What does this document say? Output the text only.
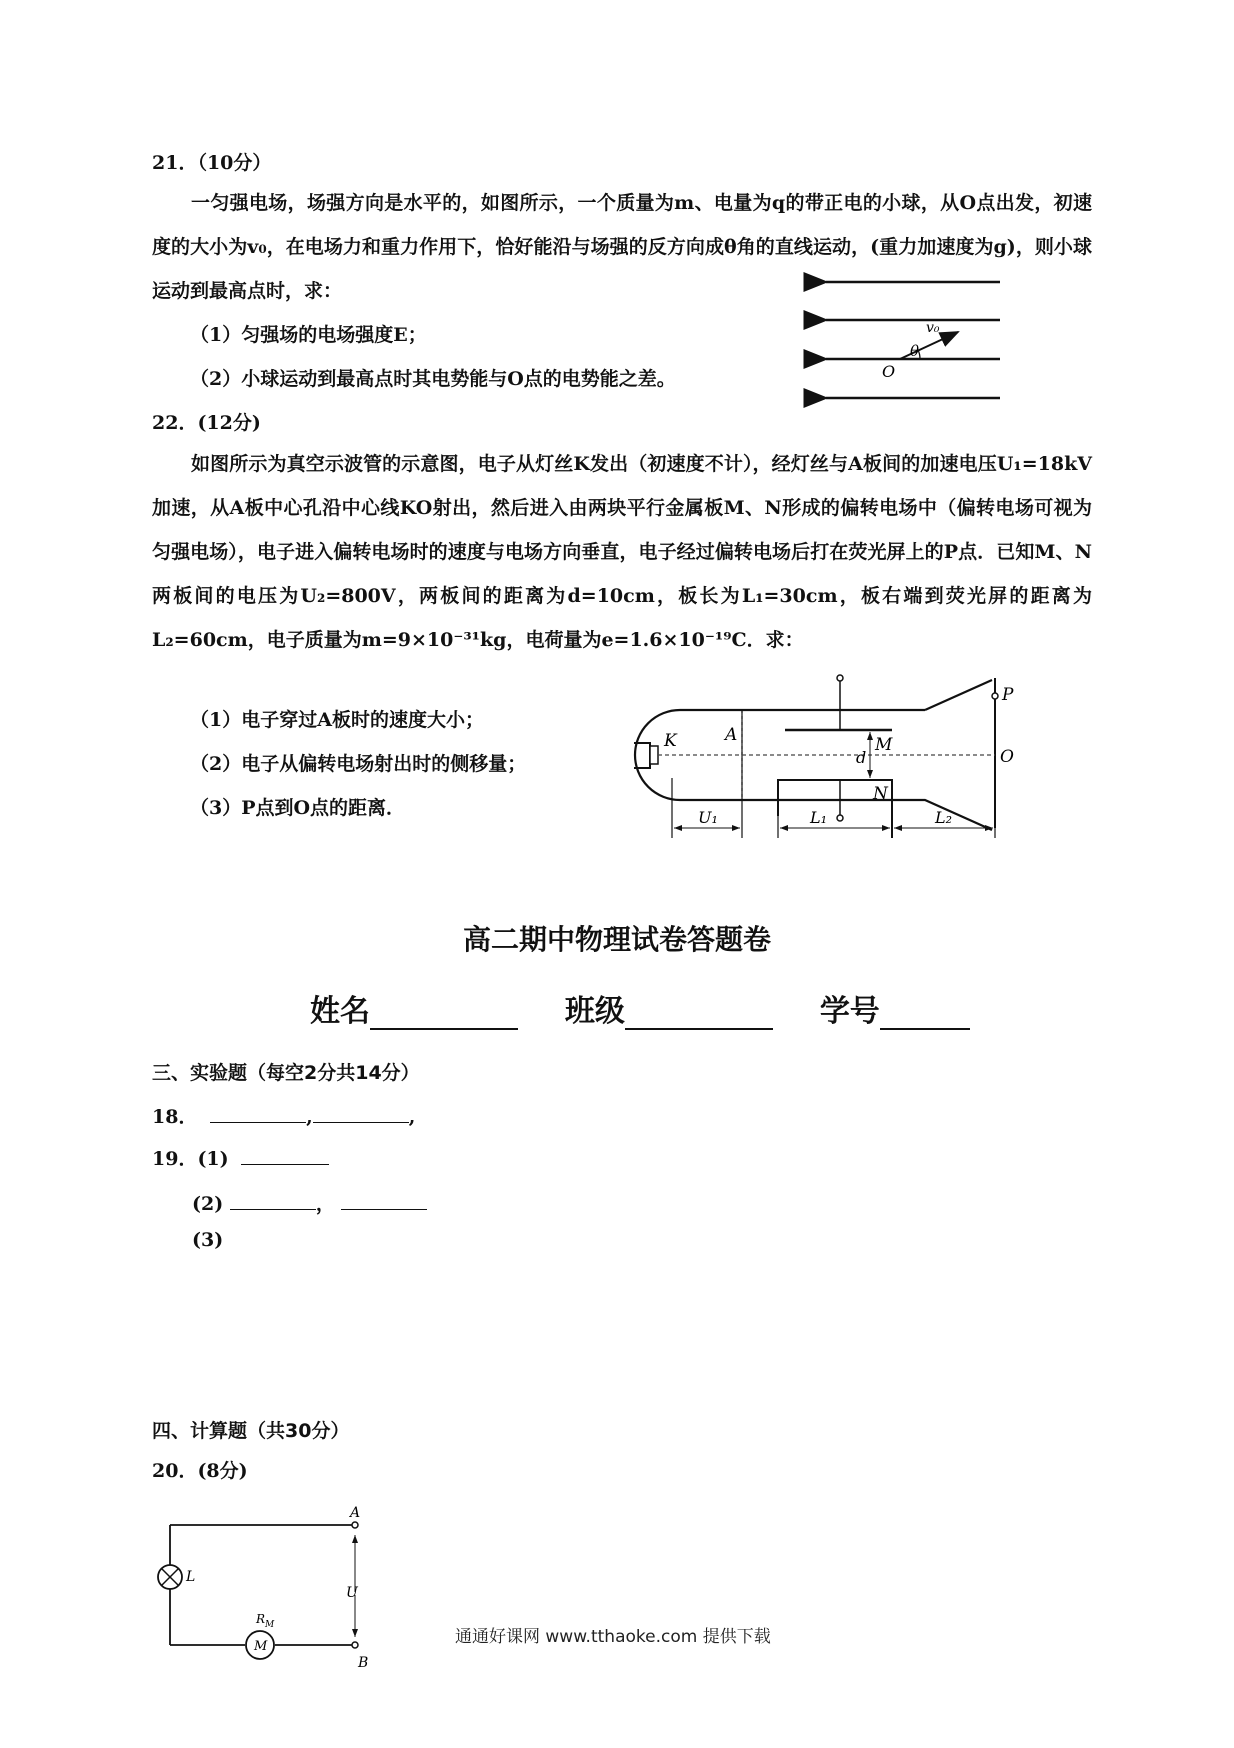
21．（10分）
一匀强电场，场强方向是水平的，如图所示，一个质量为m、电量为q的带正电的小球，从O点出发，初速度的大小为v₀，在电场力和重力作用下，恰好能沿与场强的反方向成θ角的直线运动，(重力加速度为g)，则小球运动到最高点时，求：
（1）匀强场的电场强度E；
（2）小球运动到最高点时其电势能与O点的电势能之差。
v₀
θ
O
22．(12分)
如图所示为真空示波管的示意图，电子从灯丝K发出（初速度不计），经灯丝与A板间的加速电压U₁=18kV加速，从A板中心孔沿中心线KO射出，然后进入由两块平行金属板M、N形成的偏转电场中（偏转电场可视为匀强电场），电子进入偏转电场时的速度与电场方向垂直，电子经过偏转电场后打在荧光屏上的P点．已知M、N两板间的电压为U₂=800V，两板间的距离为d=10cm，板长为L₁=30cm，板右端到荧光屏的距离为L₂=60cm，电子质量为m=9×10⁻³¹kg，电荷量为e=1.6×10⁻¹⁹C．求：
（1）电子穿过A板时的速度大小；
（2）电子从偏转电场射出时的侧移量；
（3）P点到O点的距离．
K	A	M
N
d
P
O
U₁	L₁	L₂
高二期中物理试卷答题卷
姓名	班级	学号
三、实验题（每空2分共14分）
18．	,	,
19．(1)
(2)	，
(3)
四、计算题（共30分）
20．(8分)
A
B
U
L
$R_M$
M	通通好课网 www.tthaoke.com 提供下载
